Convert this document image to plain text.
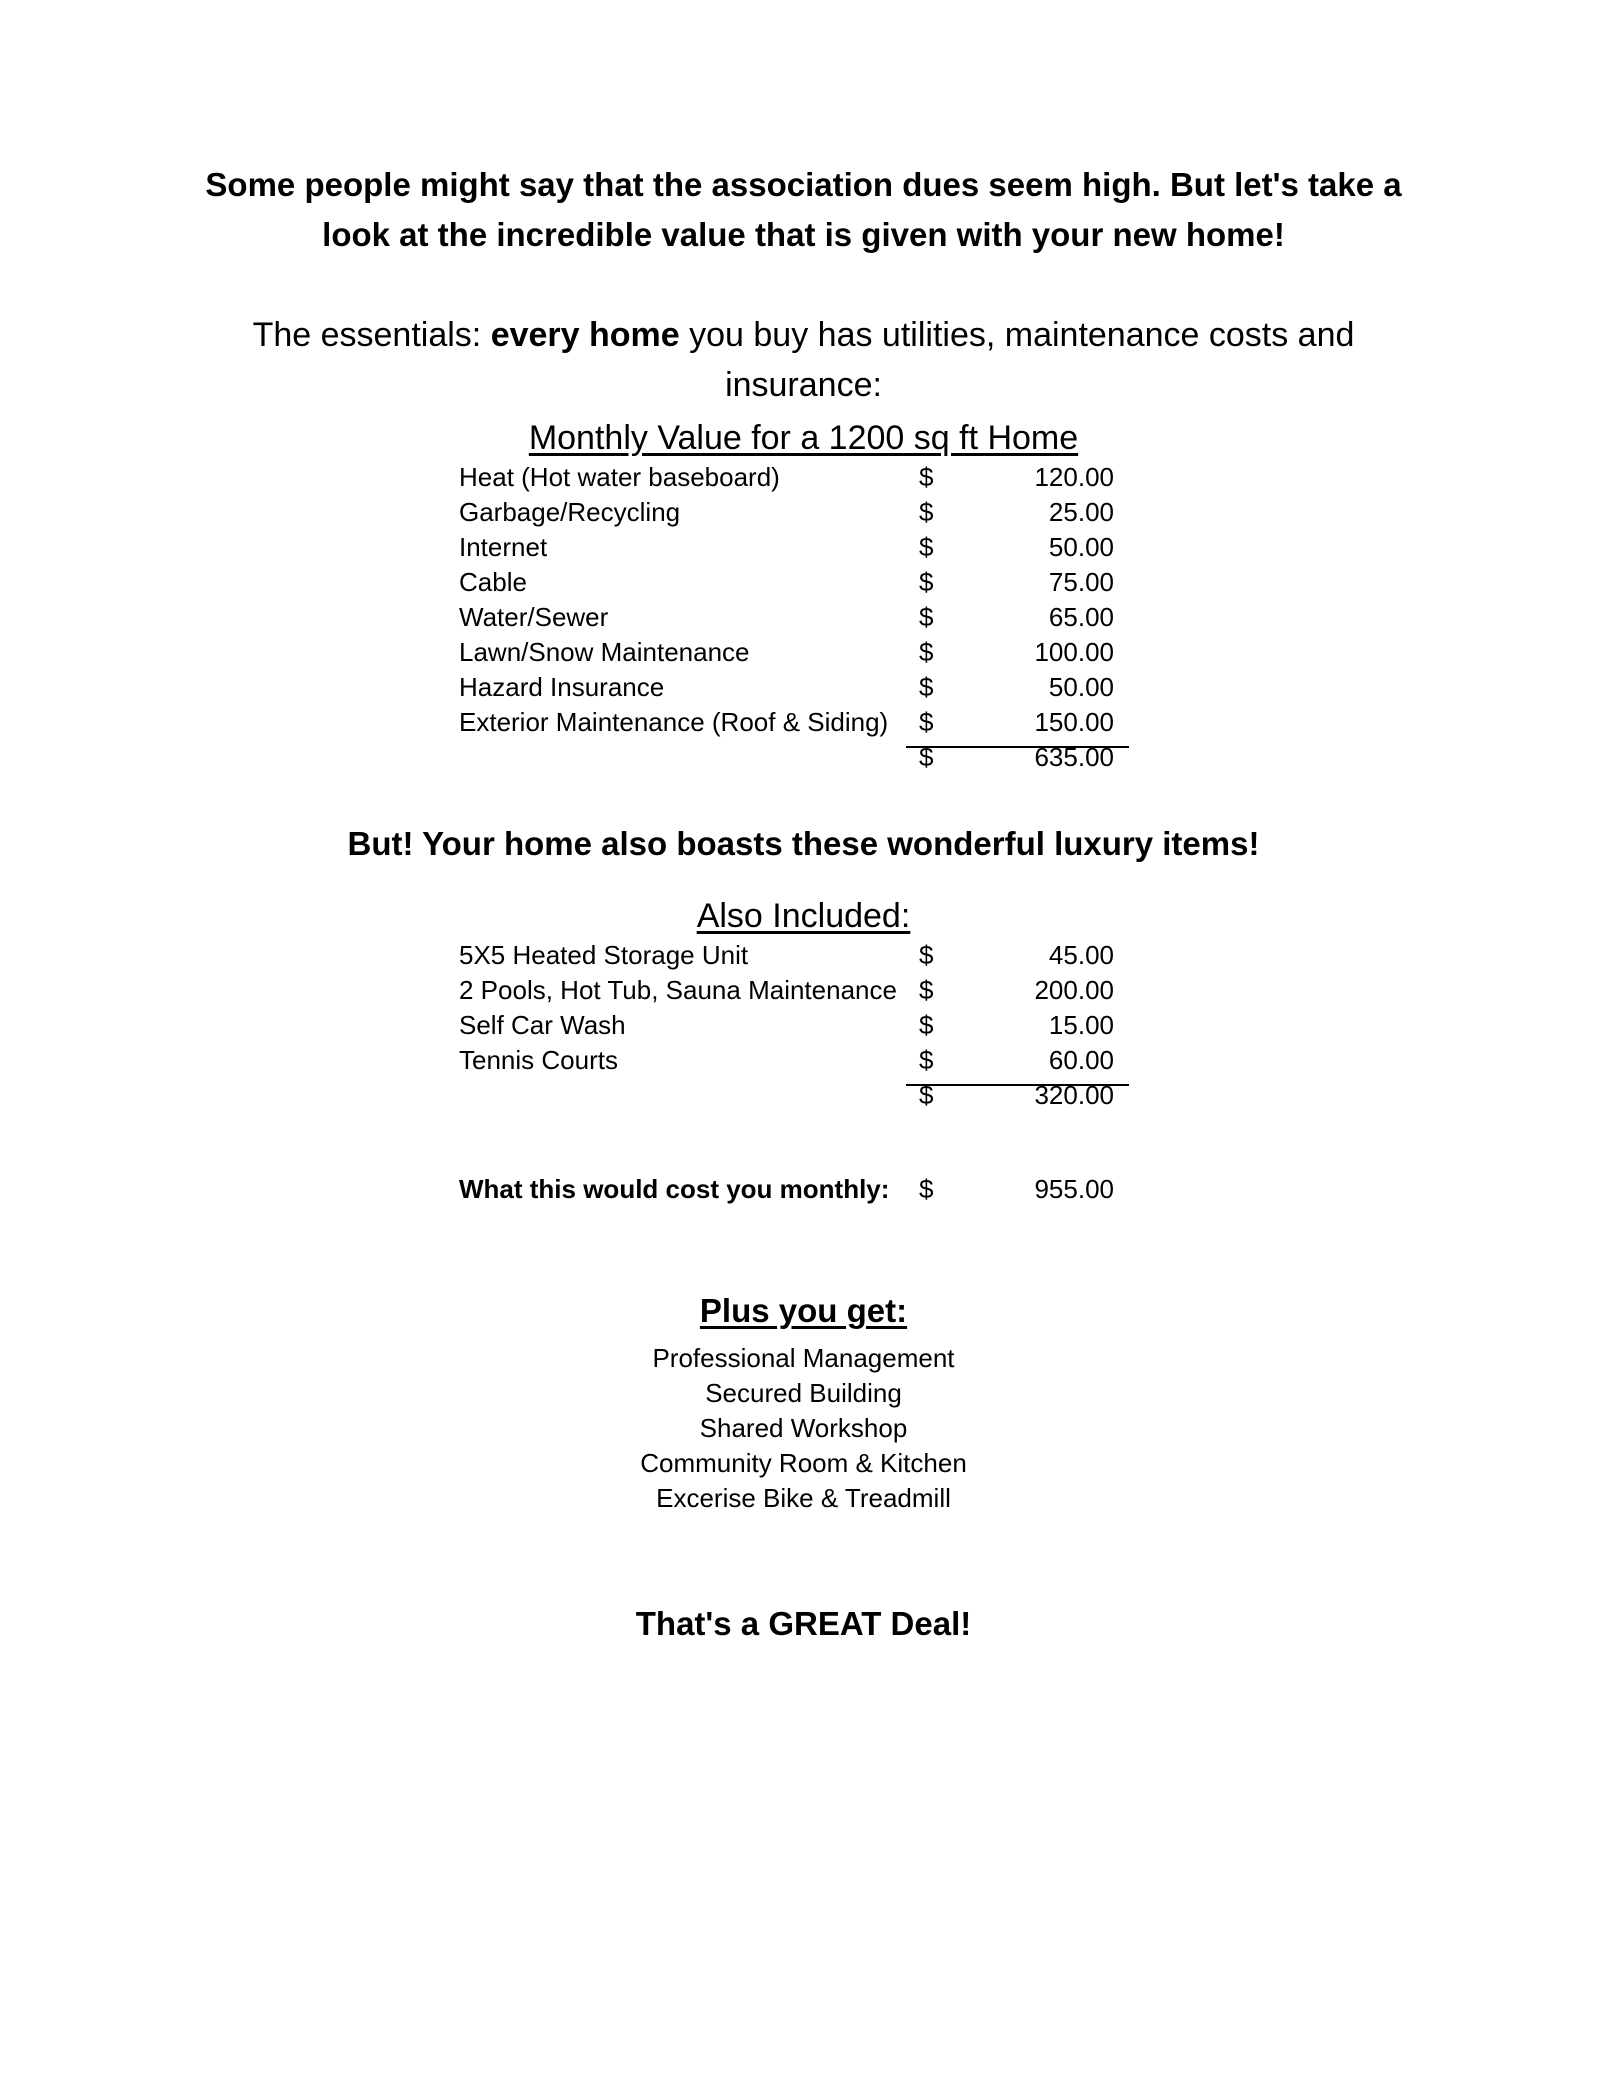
Some people might say that the association dues seem high. But let's take a look at the incredible value that is given with your new home!
The essentials: every home you buy has utilities, maintenance costs and insurance:
Monthly Value for a 1200 sq ft Home
Heat (Hot water baseboard)	$	120.00
Garbage/Recycling	$	25.00
Internet	$	50.00
Cable	$	75.00
Water/Sewer	$	65.00
Lawn/Snow Maintenance	$	100.00
Hazard Insurance	$	50.00
Exterior Maintenance (Roof & Siding) $	150.00
$	635.00
But! Your home also boasts these wonderful luxury items!
Also Included:
5X5 Heated Storage Unit	$	45.00
2 Pools, Hot Tub, Sauna Maintenance $	200.00
Self Car Wash	$	15.00
Tennis Courts	$	60.00
$	320.00
What this would cost you monthly: $	955.00
Plus you get:
Professional Management
Secured Building
Shared Workshop
Community Room & Kitchen
Excerise Bike & Treadmill
That's a GREAT Deal!
